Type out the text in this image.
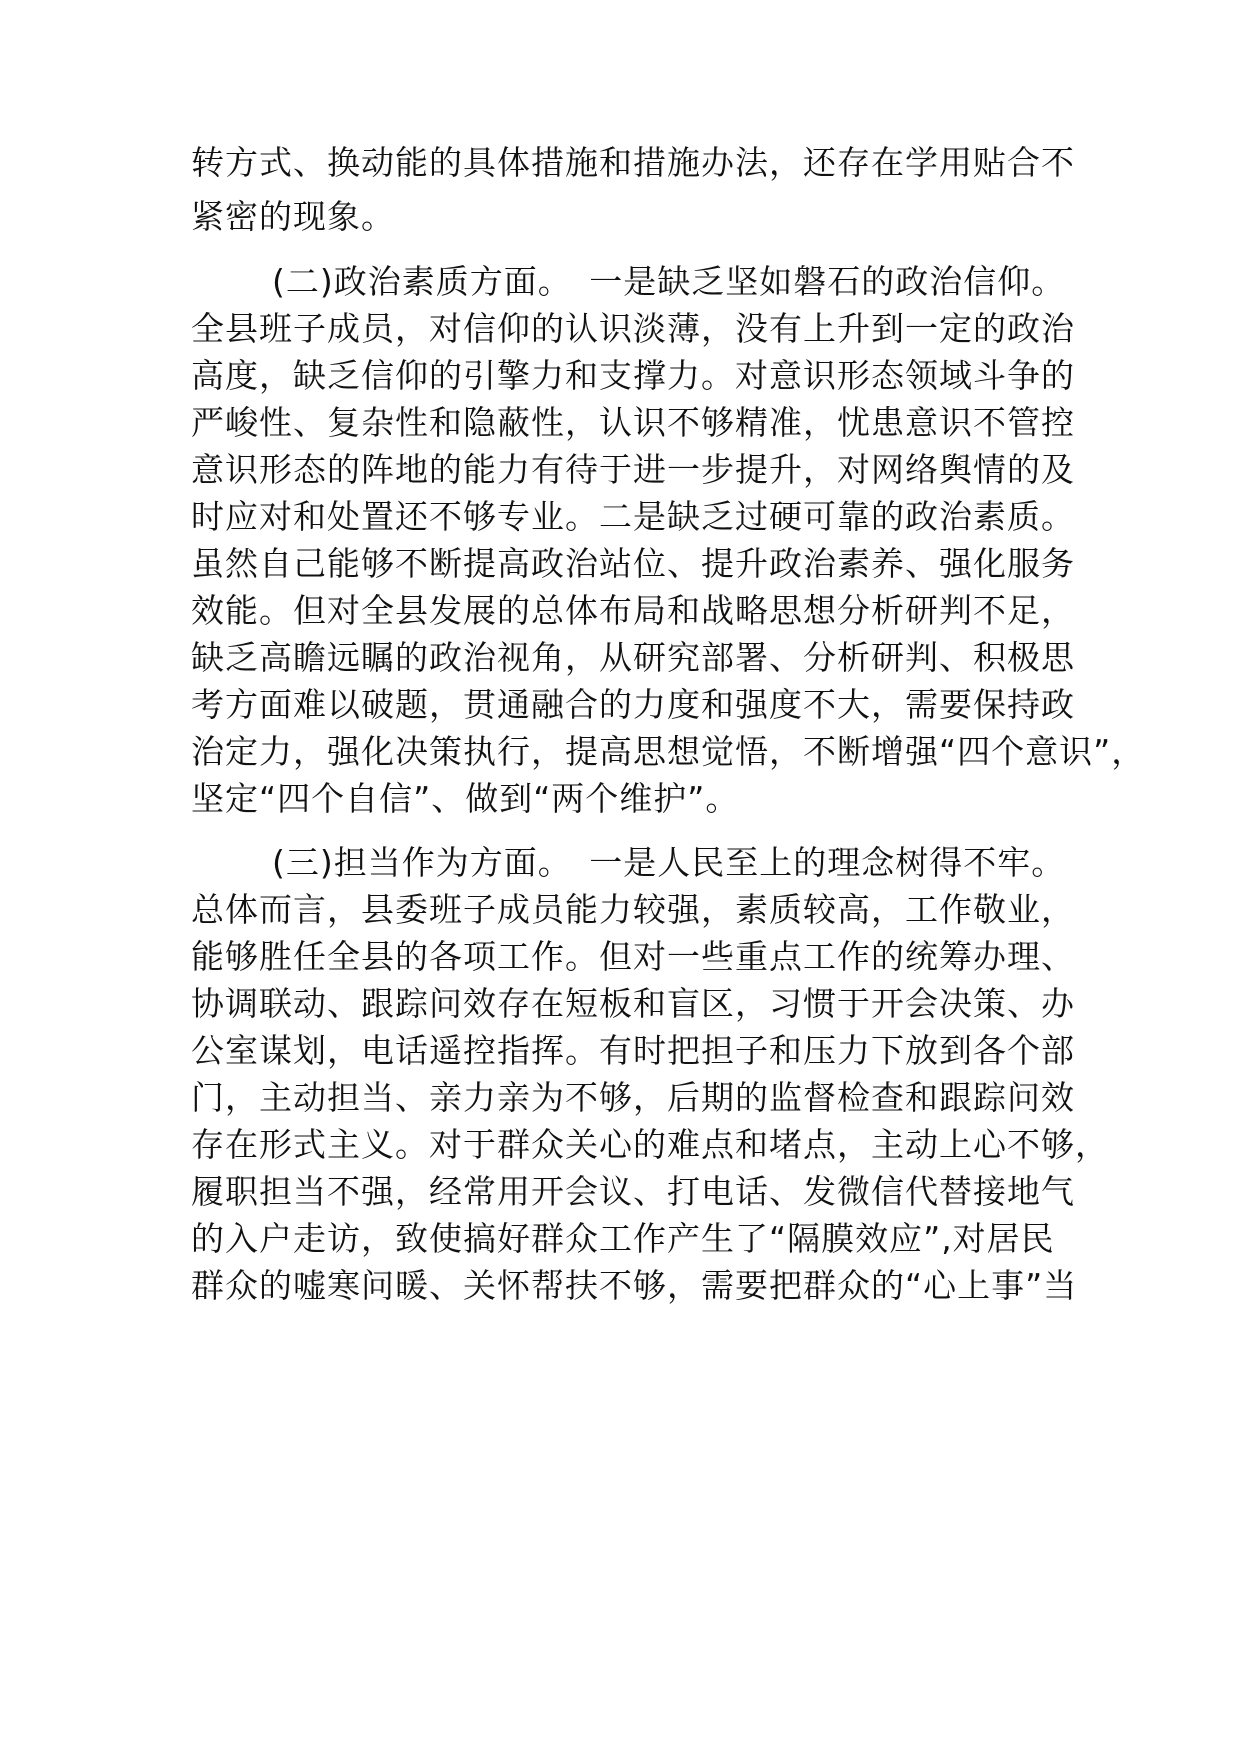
转方式、换动能的具体措施和措施办法，还存在学用贴合不
紧密的现象。
(二)政治素质方面。　一是缺乏坚如磐石的政治信仰。
全县班子成员，对信仰的认识淡薄，没有上升到一定的政治
高度，缺乏信仰的引擎力和支撑力。对意识形态领域斗争的
严峻性、复杂性和隐蔽性，认识不够精准，忧患意识不管控
意识形态的阵地的能力有待于进一步提升，对网络舆情的及
时应对和处置还不够专业。二是缺乏过硬可靠的政治素质。
虽然自己能够不断提高政治站位、提升政治素养、强化服务
效能。但对全县发展的总体布局和战略思想分析研判不足，
缺乏高瞻远瞩的政治视角，从研究部署、分析研判、积极思
考方面难以破题，贯通融合的力度和强度不大，需要保持政
治定力，强化决策执行，提高思想觉悟，不断增强“四个意识”，
坚定“四个自信”、做到“两个维护”。
(三)担当作为方面。　一是人民至上的理念树得不牢。
总体而言，县委班子成员能力较强，素质较高，工作敬业，
能够胜任全县的各项工作。但对一些重点工作的统筹办理、
协调联动、跟踪问效存在短板和盲区，习惯于开会决策、办
公室谋划，电话遥控指挥。有时把担子和压力下放到各个部
门，主动担当、亲力亲为不够，后期的监督检查和跟踪问效
存在形式主义。对于群众关心的难点和堵点，主动上心不够，
履职担当不强，经常用开会议、打电话、发微信代替接地气
的入户走访，致使搞好群众工作产生了“隔膜效应”,对居民
群众的嘘寒问暖、关怀帮扶不够，需要把群众的“心上事”当
